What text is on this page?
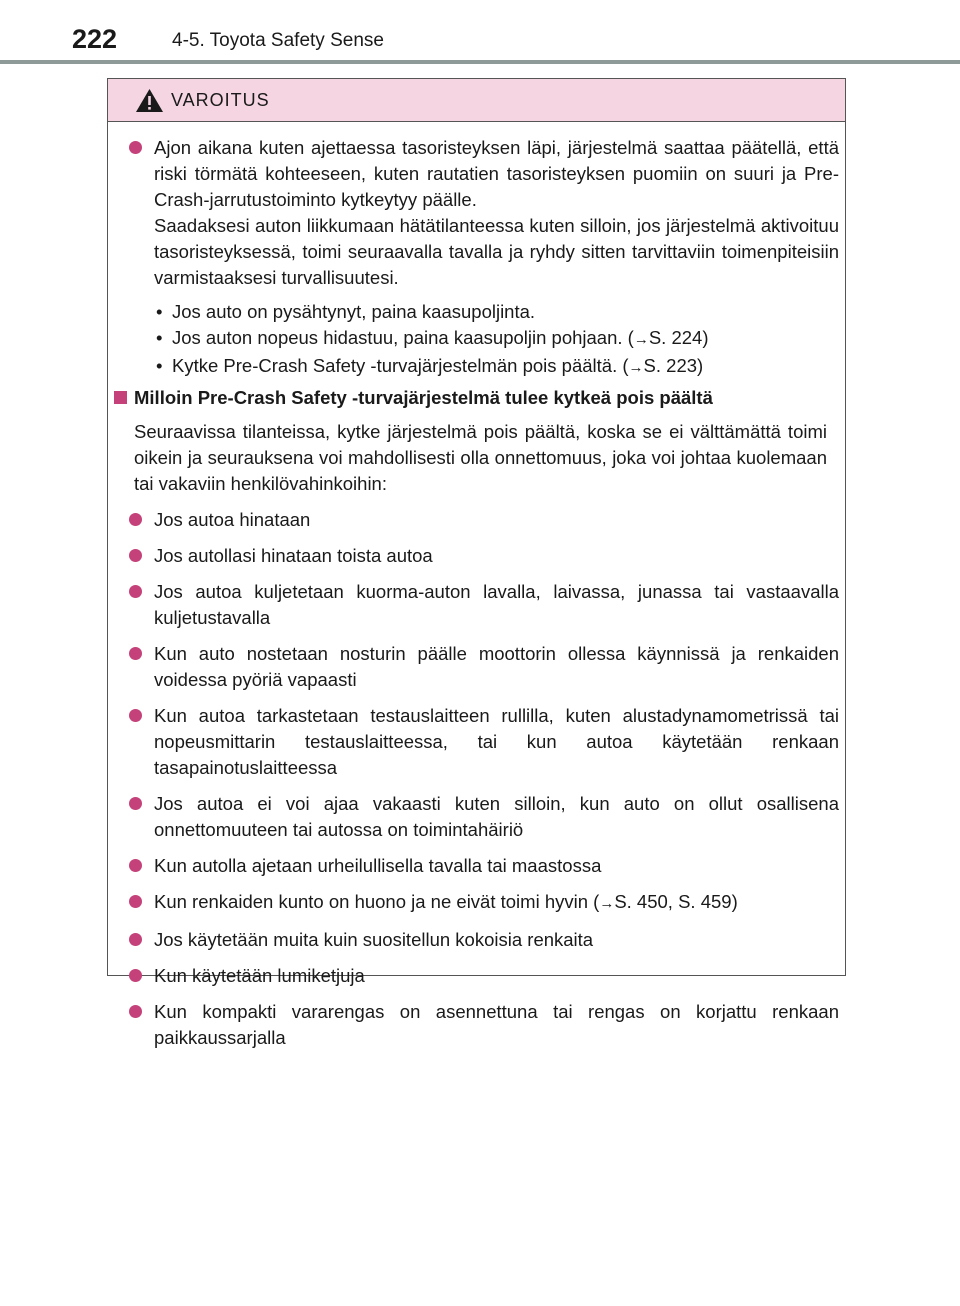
222	4-5. Toyota Safety Sense
VAROITUS
Ajon aikana kuten ajettaessa tasoristeyksen läpi, järjestelmä saattaa päätellä, että riski törmätä kohteeseen, kuten rautatien tasoristeyksen puomiin on suuri ja Pre-Crash-jarrutustoiminto kytkeytyy päälle.
Saadaksesi auton liikkumaan hätätilanteessa kuten silloin, jos järjestelmä aktivoituu tasoristeyksessä, toimi seuraavalla tavalla ja ryhdy sitten tarvittaviin toimenpiteisiin varmistaaksesi turvallisuutesi.
• Jos auto on pysähtynyt, paina kaasupoljinta.
• Jos auton nopeus hidastuu, paina kaasupoljin pohjaan. (→S. 224)
• Kytke Pre-Crash Safety -turvajärjestelmän pois päältä. (→S. 223)
Milloin Pre-Crash Safety -turvajärjestelmä tulee kytkeä pois päältä
Seuraavissa tilanteissa, kytke järjestelmä pois päältä, koska se ei välttämättä toimi oikein ja seurauksena voi mahdollisesti olla onnettomuus, joka voi johtaa kuolemaan tai vakaviin henkilövahinkoihin:
Jos autoa hinataan
Jos autollasi hinataan toista autoa
Jos autoa kuljetetaan kuorma-auton lavalla, laivassa, junassa tai vastaavalla kuljetustavalla
Kun auto nostetaan nosturin päälle moottorin ollessa käynnissä ja renkaiden voidessa pyöriä vapaasti
Kun autoa tarkastetaan testauslaitteen rullilla, kuten alustadynamometrissä tai nopeusmittarin testauslaitteessa, tai kun autoa käytetään renkaan tasapainotuslaitteessa
Jos autoa ei voi ajaa vakaasti kuten silloin, kun auto on ollut osallisena onnettomuuteen tai autossa on toimintahäiriö
Kun autolla ajetaan urheilullisella tavalla tai maastossa
Kun renkaiden kunto on huono ja ne eivät toimi hyvin (→S. 450, S. 459)
Jos käytetään muita kuin suositellun kokoisia renkaita
Kun käytetään lumiketjuja
Kun kompakti vararengas on asennettuna tai rengas on korjattu renkaan paikkaussarjalla
